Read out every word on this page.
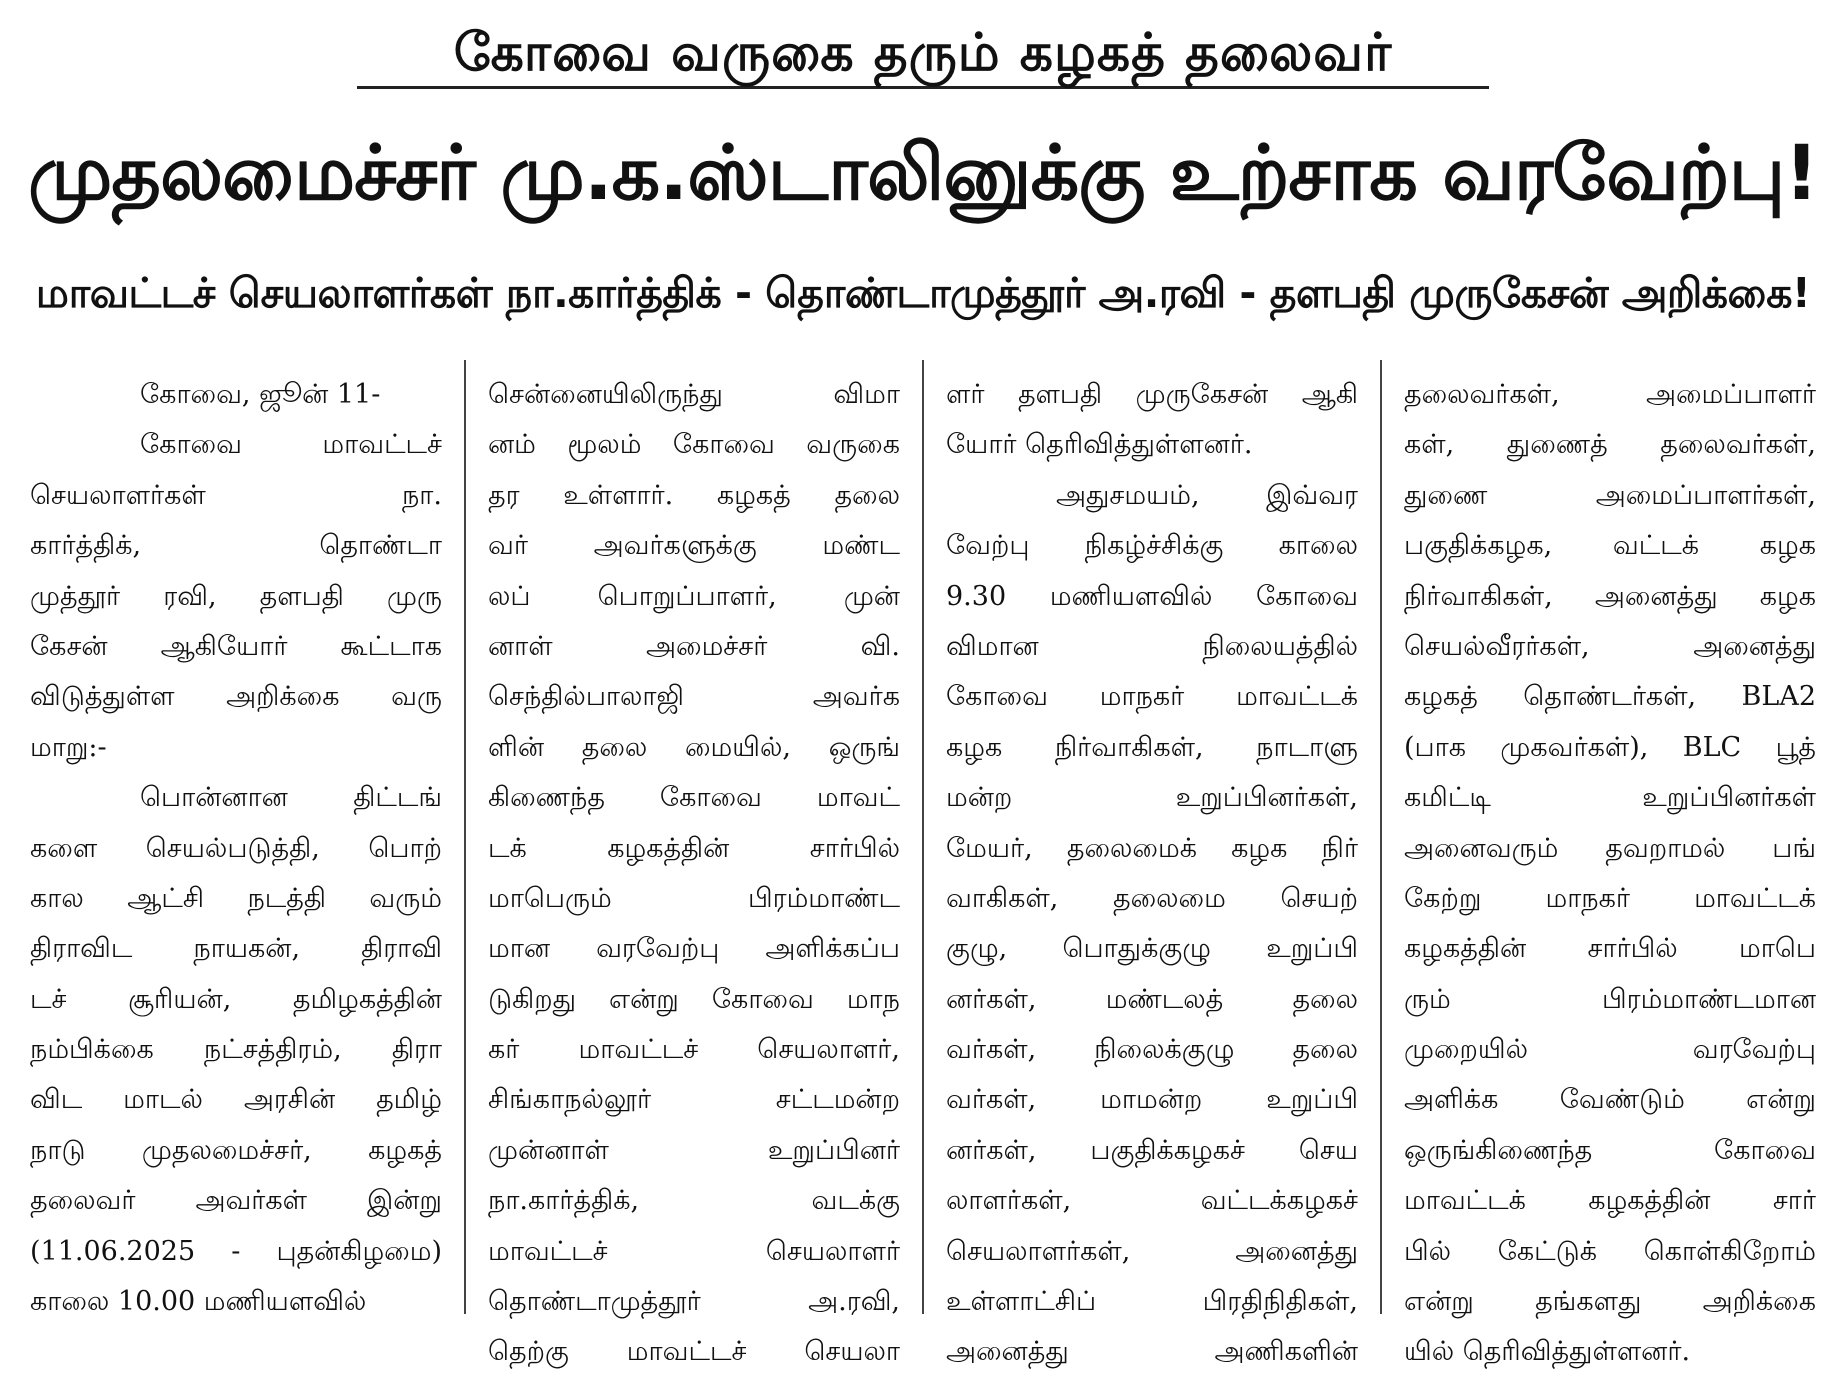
கோவை வருகை தரும் கழகத் தலைவர்
முதலமைச்சர் மு.க.ஸ்டாலினுக்கு உற்சாக வரவேற்பு!
மாவட்டச் செயலாளர்கள் நா.கார்த்திக் - தொண்டாமுத்தூர் அ.ரவி - தளபதி முருகேசன் அறிக்கை!
கோவை, ஜூன் 11-
கோவை மாவட்டச்
செயலாளர்கள் நா.
கார்த்திக், தொண்டா
முத்தூர் ரவி, தளபதி முரு
கேசன் ஆகியோர் கூட்டாக
விடுத்துள்ள அறிக்கை வரு
மாறு:-
பொன்னான திட்டங்
களை செயல்படுத்தி, பொற்
கால ஆட்சி நடத்தி வரும்
திராவிட நாயகன், திராவி
டச் சூரியன், தமிழகத்தின்
நம்பிக்கை நட்சத்திரம், திரா
விட மாடல் அரசின் தமிழ்
நாடு முதலமைச்சர், கழகத்
தலைவர் அவர்கள் இன்று
(11.06.2025 - புதன்கிழமை)
காலை 10.00 மணியளவில்
சென்னையிலிருந்து விமா
னம் மூலம் கோவை வருகை
தர உள்ளார். கழகத் தலை
வர் அவர்களுக்கு மண்ட
லப் பொறுப்பாளர், முன்
னாள் அமைச்சர் வி.
செந்தில்பாலாஜி அவர்க
ளின் தலை மையில், ஒருங்
கிணைந்த கோவை மாவட்
டக் கழகத்தின் சார்பில்
மாபெரும் பிரம்மாண்ட
மான வரவேற்பு அளிக்கப்ப
டுகிறது என்று கோவை மாந
கர் மாவட்டச் செயலாளர்,
சிங்காநல்லூர் சட்டமன்ற
முன்னாள் உறுப்பினர்
நா.கார்த்திக், வடக்கு
மாவட்டச் செயலாளர்
தொண்டாமுத்தூர் அ.ரவி,
தெற்கு மாவட்டச் செயலா
ளர் தளபதி முருகேசன் ஆகி
யோர் தெரிவித்துள்ளனர்.
அதுசமயம், இவ்வர
வேற்பு நிகழ்ச்சிக்கு காலை
9.30 மணியளவில் கோவை
விமான நிலையத்தில்
கோவை மாநகர் மாவட்டக்
கழக நிர்வாகிகள், நாடாளு
மன்ற உறுப்பினர்கள்,
மேயர், தலைமைக் கழக நிர்
வாகிகள், தலைமை செயற்
குழு, பொதுக்குழு உறுப்பி
னர்கள், மண்டலத் தலை
வர்கள், நிலைக்குழு தலை
வர்கள், மாமன்ற உறுப்பி
னர்கள், பகுதிக்கழகச் செய
லாளர்கள், வட்டக்கழகச்
செயலாளர்கள், அனைத்து
உள்ளாட்சிப் பிரதிநிதிகள்,
அனைத்து அணிகளின்
தலைவர்கள், அமைப்பாளர்
கள், துணைத் தலைவர்கள்,
துணை அமைப்பாளர்கள்,
பகுதிக்கழக, வட்டக் கழக
நிர்வாகிகள், அனைத்து கழக
செயல்வீரர்கள், அனைத்து
கழகத் தொண்டர்கள், BLA2
(பாக முகவர்கள்), BLC பூத்
கமிட்டி உறுப்பினர்கள்
அனைவரும் தவறாமல் பங்
கேற்று மாநகர் மாவட்டக்
கழகத்தின் சார்பில் மாபெ
ரும் பிரம்மாண்டமான
முறையில் வரவேற்பு
அளிக்க வேண்டும் என்று
ஒருங்கிணைந்த கோவை
மாவட்டக் கழகத்தின் சார்
பில் கேட்டுக் கொள்கிறோம்
என்று தங்களது அறிக்கை
யில் தெரிவித்துள்ளனர்.
